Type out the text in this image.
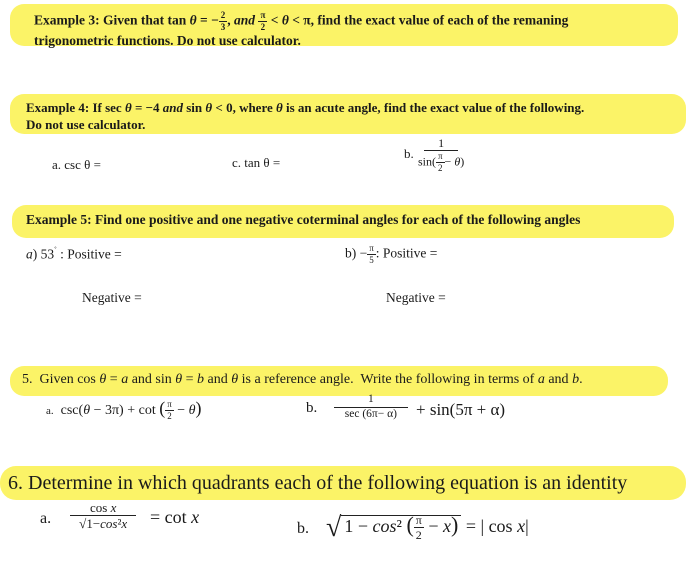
Example 3: Given that tan θ = − $\frac{2}{3}$ , and $\frac{\pi}{2} < \theta < \pi$, find the exact value of each of the remaning
trigonometric functions. Do not use calculator.
Example 4: If sec θ = −4 and sin θ < 0, where θ is an acute angle, find the exact value of the following.
Do not use calculator.
a. csc θ =	c. tan θ =
b. $\frac{1}{\sin( \frac{\pi}{2} - \theta)}$
Example 5: Find one positive and one negative coterminal angles for each of the following angles
a) 53˚ : Positive =	$b) - \frac{\pi}{5}$ : Positive =
Negative =	Negative =
5.  Given cos θ = a and sin θ = b and θ is a reference angle.  Write the following in terms of a and b.
a.  csc(θ − 3π) + cot ( $\frac{\pi}{2} - \theta$)	b. $\frac{1}{\sec (6\pi- \alpha)} + \sin(5\pi + \alpha)$
6. Determine in which quadrants each of the following equation is an identity
a. $\frac{\text{cos x}}{\text{√1−cos²x}} = \cot x$
b. √ 1 − cos² ( $\frac{\pi}{2} - x$) = | cos x|
